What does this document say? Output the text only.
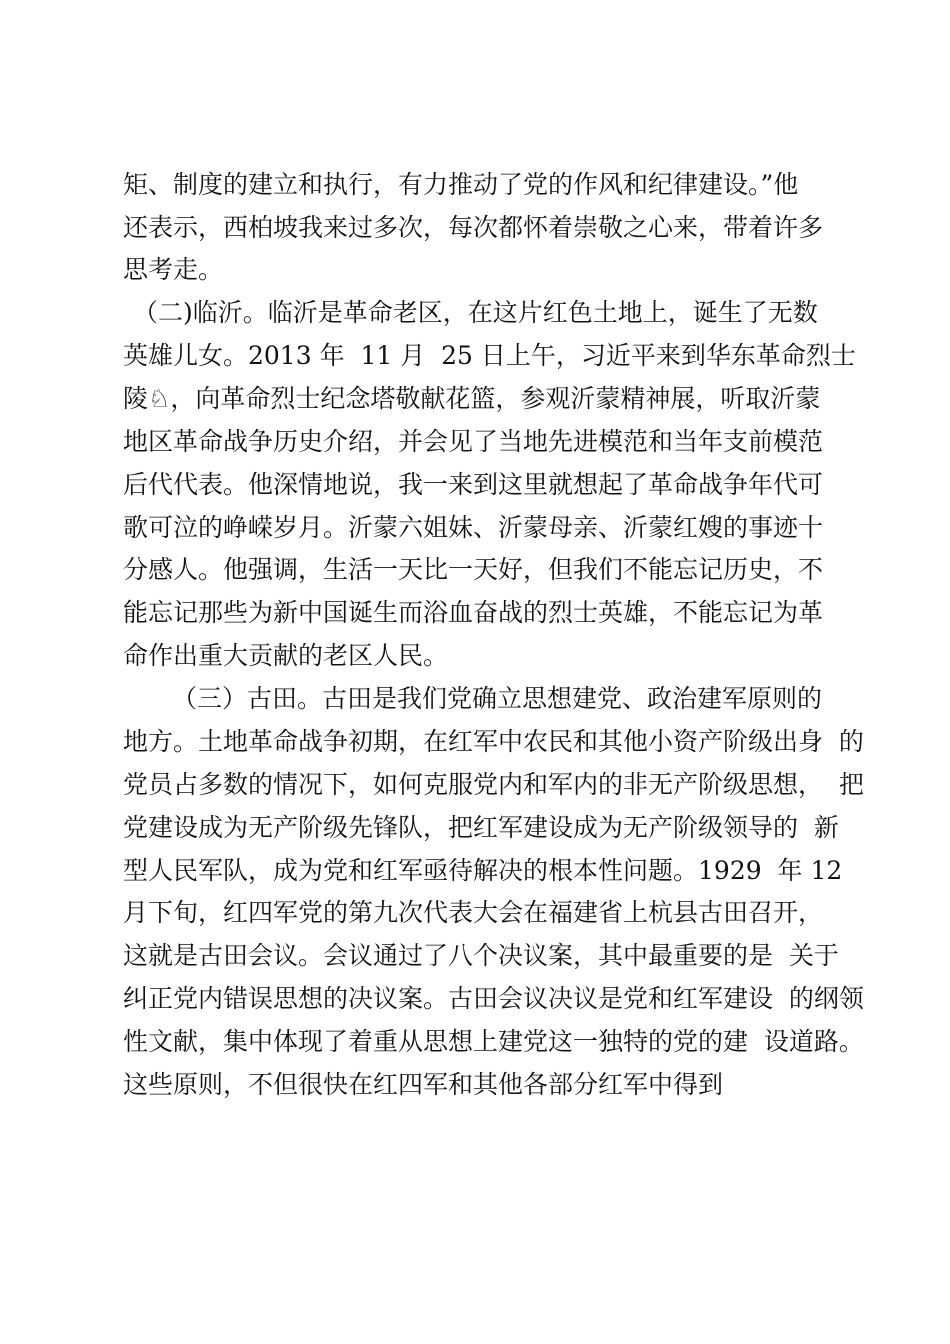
矩、制度的建立和执行，有力推动了党的作风和纪律建设。”他
还表示，西柏坡我来过多次，每次都怀着崇敬之心来，带着许多
思考走。
（二)临沂。临沂是革命老区，在这片红色土地上，诞生了无数
英雄儿女。2013 年  11 月  25 日上午，习近平来到华东革命烈士
陵♘，向革命烈士纪念塔敬献花篮，参观沂蒙精神展，听取沂蒙
地区革命战争历史介绍，并会见了当地先进模范和当年支前模范
后代代表。他深情地说，我一来到这里就想起了革命战争年代可
歌可泣的峥嵘岁月。沂蒙六姐妹、沂蒙母亲、沂蒙红嫂的事迹十
分感人。他强调，生活一天比一天好，但我们不能忘记历史，不
能忘记那些为新中国诞生而浴血奋战的烈士英雄，不能忘记为革
命作出重大贡献的老区人民。
（三）古田。古田是我们党确立思想建党、政治建军原则的
地方。土地革命战争初期，在红军中农民和其他小资产阶级出身  的
党员占多数的情况下，如何克服党内和军内的非无产阶级思想，  把
党建设成为无产阶级先锋队，把红军建设成为无产阶级领导的  新
型人民军队，成为党和红军亟待解决的根本性问题。1929  年 12
月下旬，红四军党的第九次代表大会在福建省上杭县古田召开，
这就是古田会议。会议通过了八个决议案，其中最重要的是  关于
纠正党内错误思想的决议案。古田会议决议是党和红军建设  的纲领
性文献，集中体现了着重从思想上建党这一独特的党的建  设道路。
这些原则，不但很快在红四军和其他各部分红军中得到
